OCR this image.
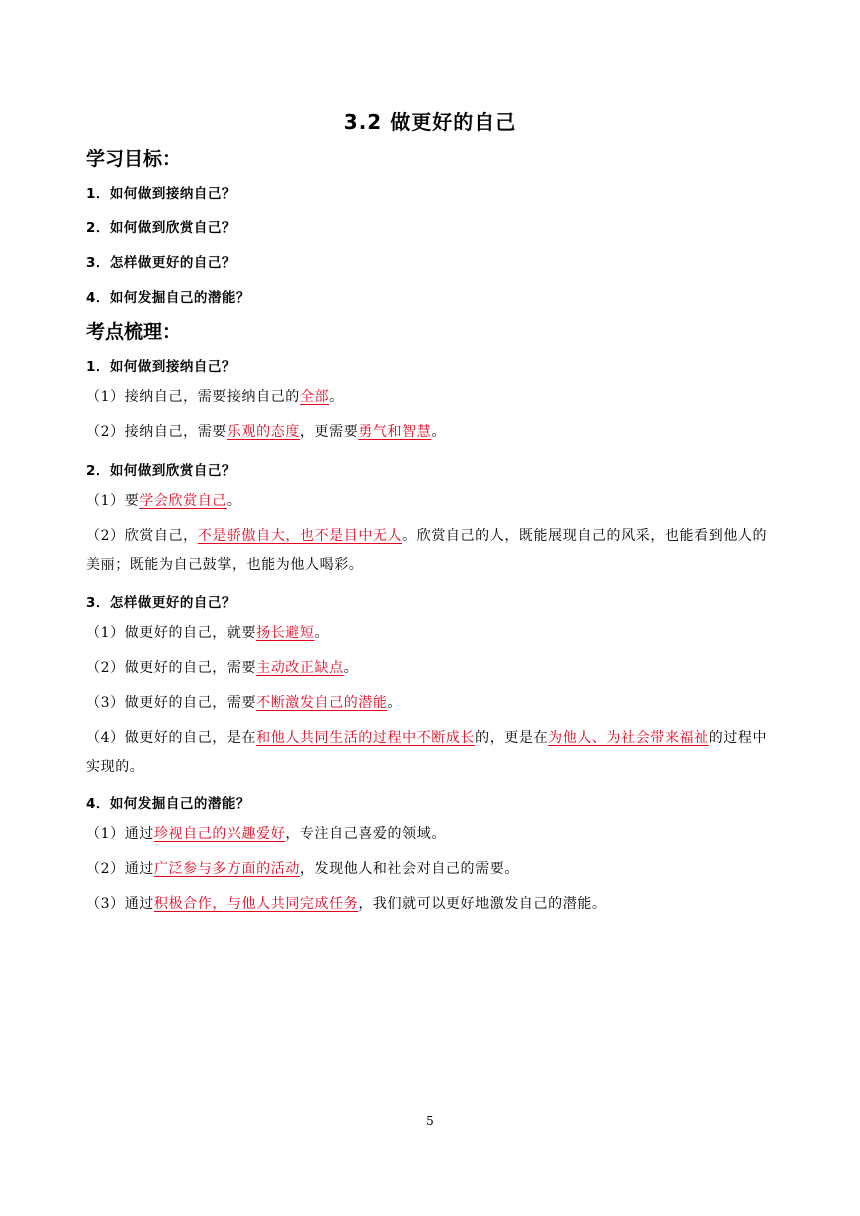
3.2 做更好的自己
学习目标：
1．如何做到接纳自己？
2．如何做到欣赏自己？
3．怎样做更好的自己？
4．如何发掘自己的潜能？
考点梳理：
1．如何做到接纳自己？
（1）接纳自己，需要接纳自己的全部。
（2）接纳自己，需要乐观的态度，更需要勇气和智慧。
2．如何做到欣赏自己？
（1）要学会欣赏自己。
（2）欣赏自己，不是骄傲自大，也不是目中无人。欣赏自己的人，既能展现自己的风采，也能看到他人的美丽；既能为自己鼓掌，也能为他人喝彩。
3．怎样做更好的自己？
（1）做更好的自己，就要扬长避短。
（2）做更好的自己，需要主动改正缺点。
（3）做更好的自己，需要不断激发自己的潜能。
（4）做更好的自己，是在和他人共同生活的过程中不断成长的，更是在为他人、为社会带来福祉的过程中实现的。
4．如何发掘自己的潜能？
（1）通过珍视自己的兴趣爱好，专注自己喜爱的领域。
（2）通过广泛参与多方面的活动，发现他人和社会对自己的需要。
（3）通过积极合作，与他人共同完成任务，我们就可以更好地激发自己的潜能。
5
